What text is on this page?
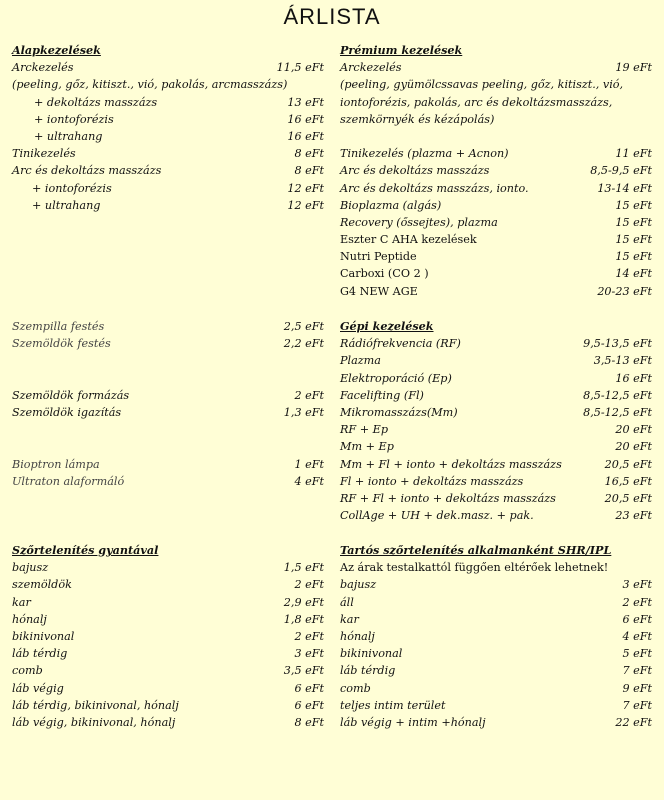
ÁRLISTA
Alapkezelések
Arckezelés	11,5 eFt
(peeling, gőz, kitiszt., vió, pakolás, arcmasszázs)
+ dekoltázs masszázs	13 eFt
+ iontoforézis	16 eFt
+ ultrahang	16 eFt
Tinikezelés	8 eFt
Arc és dekoltázs masszázs	8 eFt
+ iontoforézis	12 eFt
+ ultrahang	12 eFt
Prémium kezelések
Arckezelés	19 eFt
(peeling, gyümölcssavas peeling, gőz, kitiszt., vió,
iontoforézis, pakolás, arc és dekoltázsmasszázs,
szemkörnyék és kézápolás)
Tinikezelés (plazma + Acnon)	11 eFt
Arc és dekoltázs masszázs	8,5-9,5 eFt
Arc és dekoltázs masszázs, ionto.	13-14 eFt
Bioplazma (algás)	15 eFt
Recovery (őssejtes), plazma	15 eFt
Eszter C AHA kezelések	15 eFt
Nutri Peptide	15 eFt
Carboxi (CO 2 )	14 eFt
G4 NEW AGE	20-23 eFt
Szempilla festés	2,5 eFt
Szemöldök festés	2,2 eFt
Szemöldök formázás	2 eFt
Szemöldök igazítás	1,3 eFt
Bioptron lámpa	1 eFt
Ultraton alaformáló	4 eFt
Gépi kezelések
Rádiófrekvencia (RF)	9,5-13,5 eFt
Plazma	3,5-13 eFt
Elektroporáció (Ep)	16 eFt
Facelifting (Fl)	8,5-12,5 eFt
Mikromasszázs(Mm)	8,5-12,5 eFt
RF + Ep	20 eFt
Mm + Ep	20 eFt
Mm + Fl + ionto + dekoltázs masszázs	20,5 eFt
Fl + ionto + dekoltázs masszázs	16,5 eFt
RF + Fl + ionto + dekoltázs masszázs	20,5 eFt
CollAge + UH + dek.masz. + pak.	23 eFt
Szőrtelenítés gyantával
bajusz	1,5 eFt
szemöldök	2 eFt
kar	2,9 eFt
hónalj	1,8 eFt
bikinivonal	2 eFt
láb térdig	3 eFt
comb	3,5 eFt
láb végig	6 eFt
láb térdig, bikinivonal, hónalj	6 eFt
láb végig, bikinivonal, hónalj	8 eFt
Tartós szőrtelenítés alkalmanként SHR/IPL
Az árak testalkattól függően eltérőek lehetnek!
bajusz	3 eFt
áll	2 eFt
kar	6 eFt
hónalj	4 eFt
bikinivonal	5 eFt
láb térdig	7 eFt
comb	9 eFt
teljes intim terület	7 eFt
láb végig + intim +hónalj	22 eFt
